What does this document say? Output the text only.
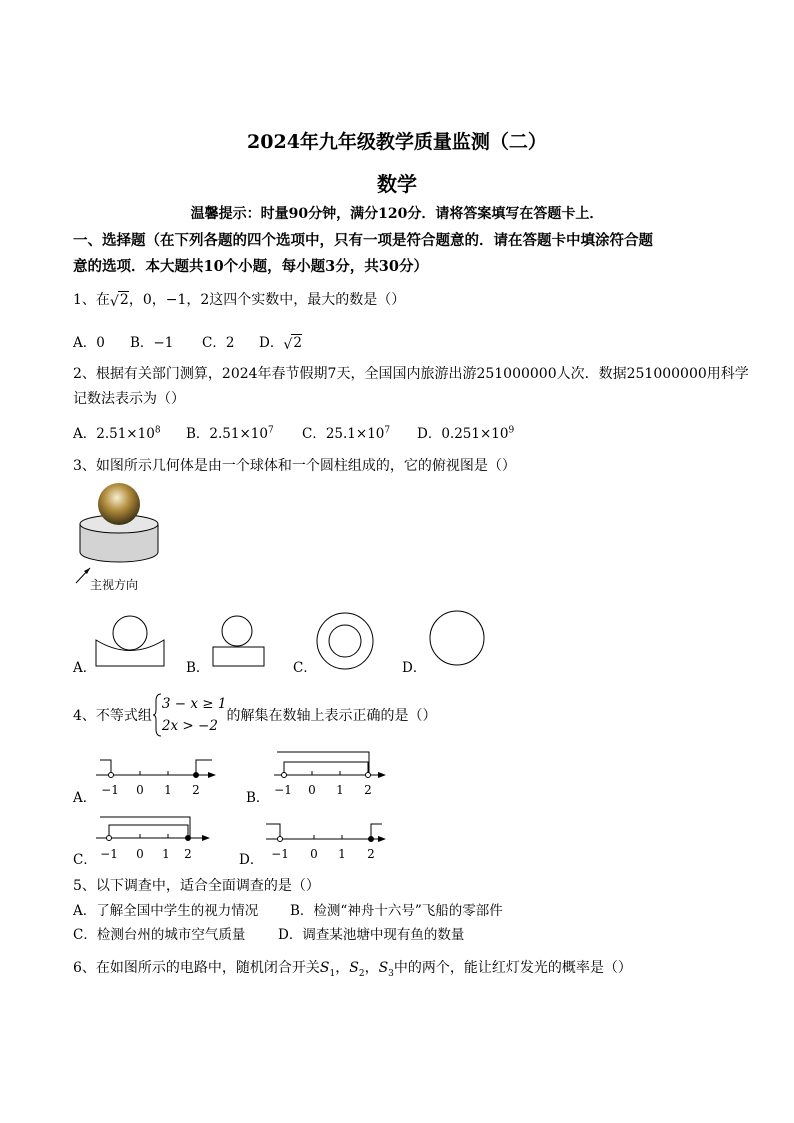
2024年九年级教学质量监测（二）
数学
温馨提示：时量90分钟，满分120分．请将答案填写在答题卡上．
一、选择题（在下列各题的四个选项中，只有一项是符合题意的．请在答题卡中填涂符合题
意的选项．本大题共10个小题，每小题3分，共30分）
1、在 √ 2，0，−1，2这四个实数中，最大的数是（）
A．0 B．−1 C．2 D． √ 2
2、根据有关部门测算，2024年春节假期7天，全国国内旅游出游251000000人次．数据251000000用科学
记数法表示为（）
A．$2.51\times 10^8$ B．$2.51\times 10^7$ C．$25.1\times 10^7$ D．$0.251\times 10^9$
3、如图所示几何体是由一个球体和一个圆柱组成的，它的俯视图是（）
主视方向
A．	B．	C．	D．
4、不等式组3 − x ≥ 1
2x > −2的解集在数轴上表示正确的是（）
A． −1 0 1 2	B． −1 0 1 2
C． −1 0 1 2	D． −1 0 1 2
5、以下调查中，适合全面调查的是（）
A．了解全国中学生的视力情况 B．检测“神舟十六号”飞船的零部件
C．检测台州的城市空气质量 D．调查某池塘中现有鱼的数量
6、在如图所示的电路中，随机闭合开关$S_1$，$S_2$，$S_3$中的两个，能让红灯发光的概率是（）
